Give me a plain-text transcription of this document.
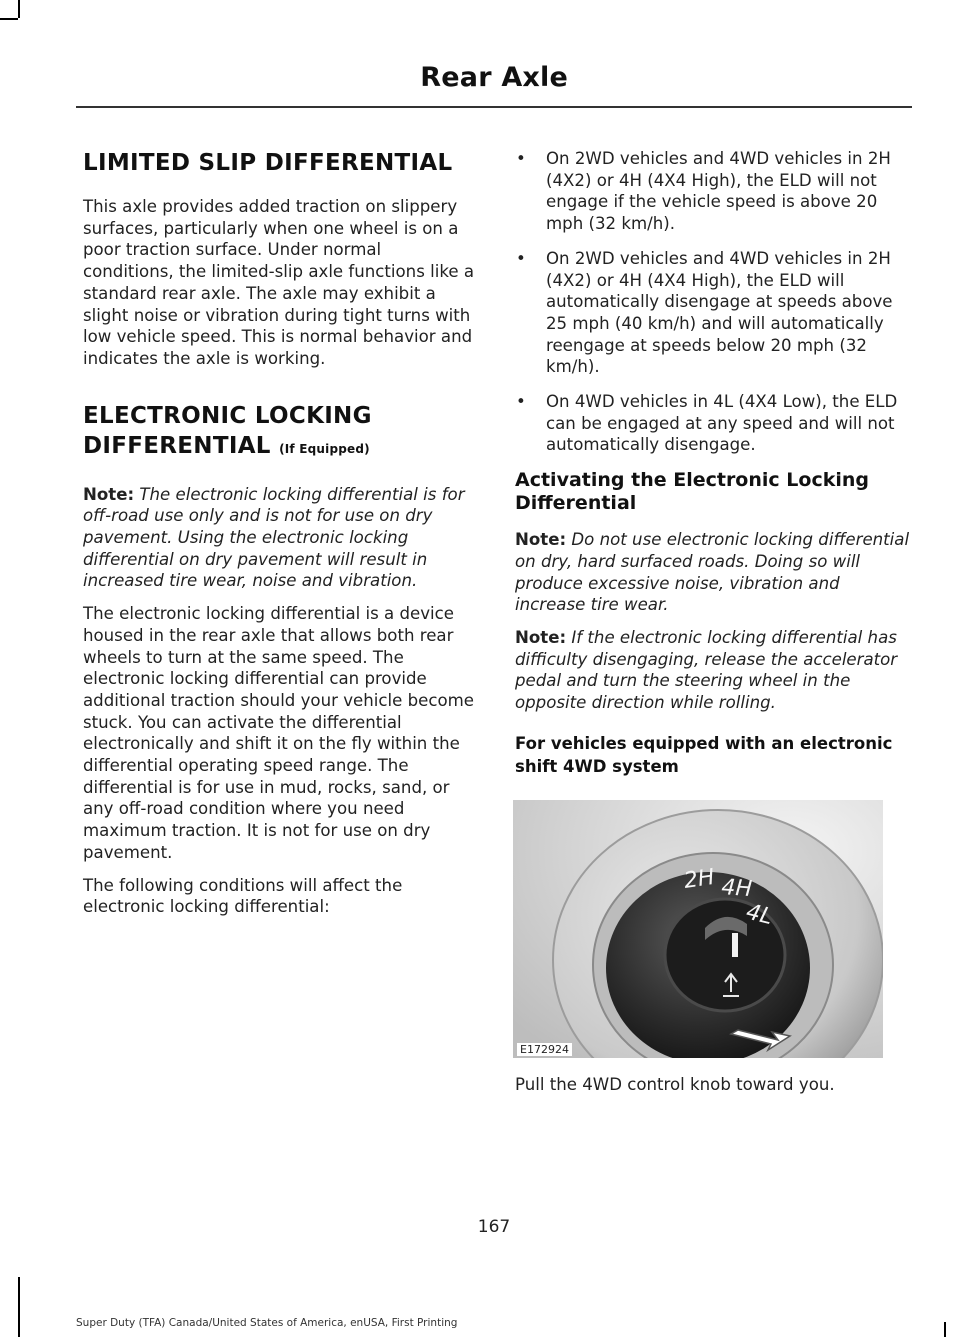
Rear Axle
LIMITED SLIP DIFFERENTIAL

This axle provides added traction on slippery surfaces, particularly when one wheel is on a poor traction surface. Under normal conditions, the limited-slip axle functions like a standard rear axle. The axle may exhibit a slight noise or vibration during tight turns with low vehicle speed. This is normal behavior and indicates the axle is working.

ELECTRONIC LOCKING
DIFFERENTIAL (If Equipped)

Note: The electronic locking differential is for off-road use only and is not for use on dry pavement. Using the electronic locking differential on dry pavement will result in increased tire wear, noise and vibration.

The electronic locking differential is a device housed in the rear axle that allows both rear wheels to turn at the same speed. The electronic locking differential can provide additional traction should your vehicle become stuck. You can activate the differential electronically and shift it on the fly within the differential operating speed range. The differential is for use in mud, rocks, sand, or any off-road condition where you need maximum traction. It is not for use on dry pavement.

The following conditions will affect the electronic locking differential:

• On 2WD vehicles and 4WD vehicles in 2H (4X2) or 4H (4X4 High), the ELD will not engage if the vehicle speed is above 20 mph (32 km/h).
• On 2WD vehicles and 4WD vehicles in 2H (4X2) or 4H (4X4 High), the ELD will automatically disengage at speeds above 25 mph (40 km/h) and will automatically reengage at speeds below 20 mph (32 km/h).
• On 4WD vehicles in 4L (4X4 Low), the ELD can be engaged at any speed and will not automatically disengage.
Activating the Electronic Locking Differential

Note: Do not use electronic locking differential on dry, hard surfaced roads. Doing so will produce excessive noise, vibration and increase tire wear.

Note: If the electronic locking differential has difficulty disengaging, release the accelerator pedal and turn the steering wheel in the opposite direction while rolling.

For vehicles equipped with an electronic shift 4WD system
2H 4H
4L
E172924

Pull the 4WD control knob toward you.

167
Super Duty (TFA) Canada/United States of America, enUSA, First Printing
